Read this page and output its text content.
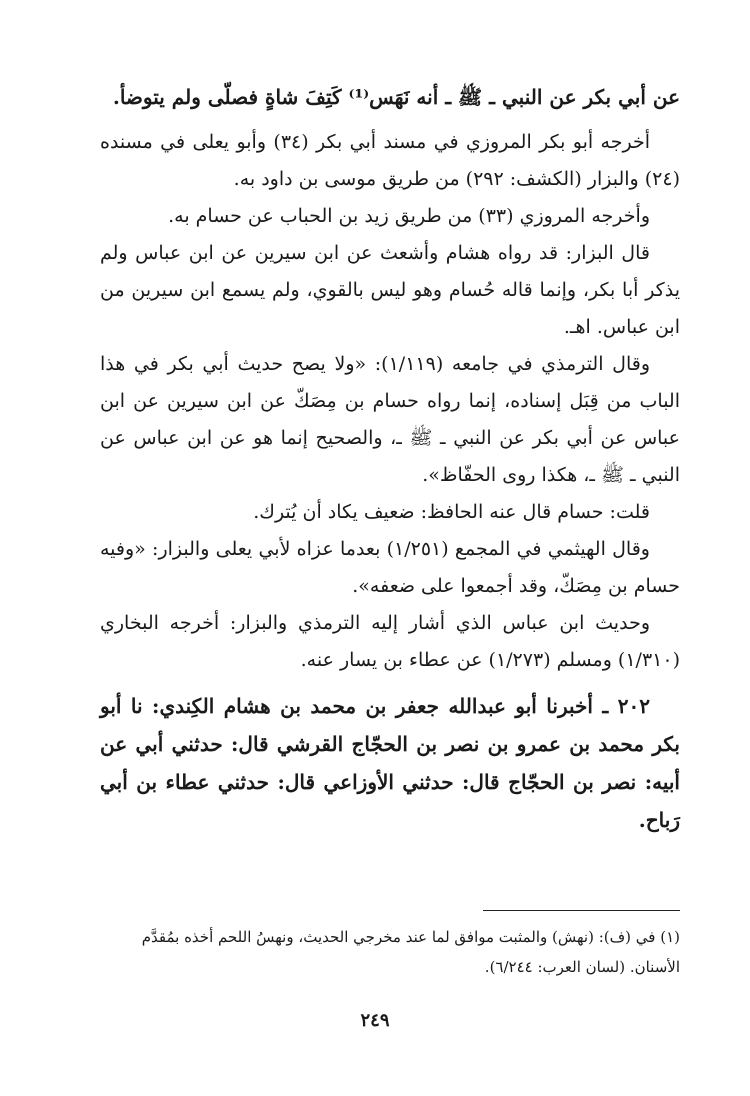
عن أبي بكر عن النبي ـ ﷺ ـ أنه نَهَس⁽¹⁾ كَتِفَ شاةٍ فصلّى ولم يتوضأ.

أخرجه أبو بكر المروزي في مسند أبي بكر (٣٤) وأبو يعلى في مسنده (٢٤) والبزار (الكشف: ٢٩٢) من طريق موسى بن داود به.

وأخرجه المروزي (٣٣) من طريق زيد بن الحباب عن حسام به.

قال البزار: قد رواه هشام وأشعث عن ابن سيرين عن ابن عباس ولم يذكر أبا بكر، وإنما قاله حُسام وهو ليس بالقوي، ولم يسمع ابن سيرين من ابن عباس. اهـ.

وقال الترمذي في جامعه (١/١١٩): «ولا يصح حديث أبي بكر في هذا الباب من قِبَل إسناده، إنما رواه حسام بن مِصَكّ عن ابن سيرين عن ابن عباس عن أبي بكر عن النبي ـ ﷺ ـ، والصحيح إنما هو عن ابن عباس عن النبي ـ ﷺ ـ، هكذا روى الحفّاظ».

قلت: حسام قال عنه الحافظ: ضعيف يكاد أن يُترك.

وقال الهيثمي في المجمع (١/٢٥١) بعدما عزاه لأبي يعلى والبزار: «وفيه حسام بن مِصَكّ، وقد أجمعوا على ضعفه».

وحديث ابن عباس الذي أشار إليه الترمذي والبزار: أخرجه البخاري (١/٣١٠) ومسلم (١/٢٧٣) عن عطاء بن يسار عنه.

٢٠٢ ـ أخبرنا أبو عبدالله جعفر بن محمد بن هشام الكِندي: نا أبو بكر محمد بن عمرو بن نصر بن الحجّاج القرشي قال: حدثني أبي عن أبيه: نصر بن الحجّاج قال: حدثني الأوزاعي قال: حدثني عطاء بن أبي رَباح.

(١) في (ف): (نهش) والمثبت موافق لما عند مخرجي الحديث، ونهسُ اللحم أخذه بمُقدَّم الأسنان. (لسان العرب: ٦/٢٤٤).
٢٤٩
